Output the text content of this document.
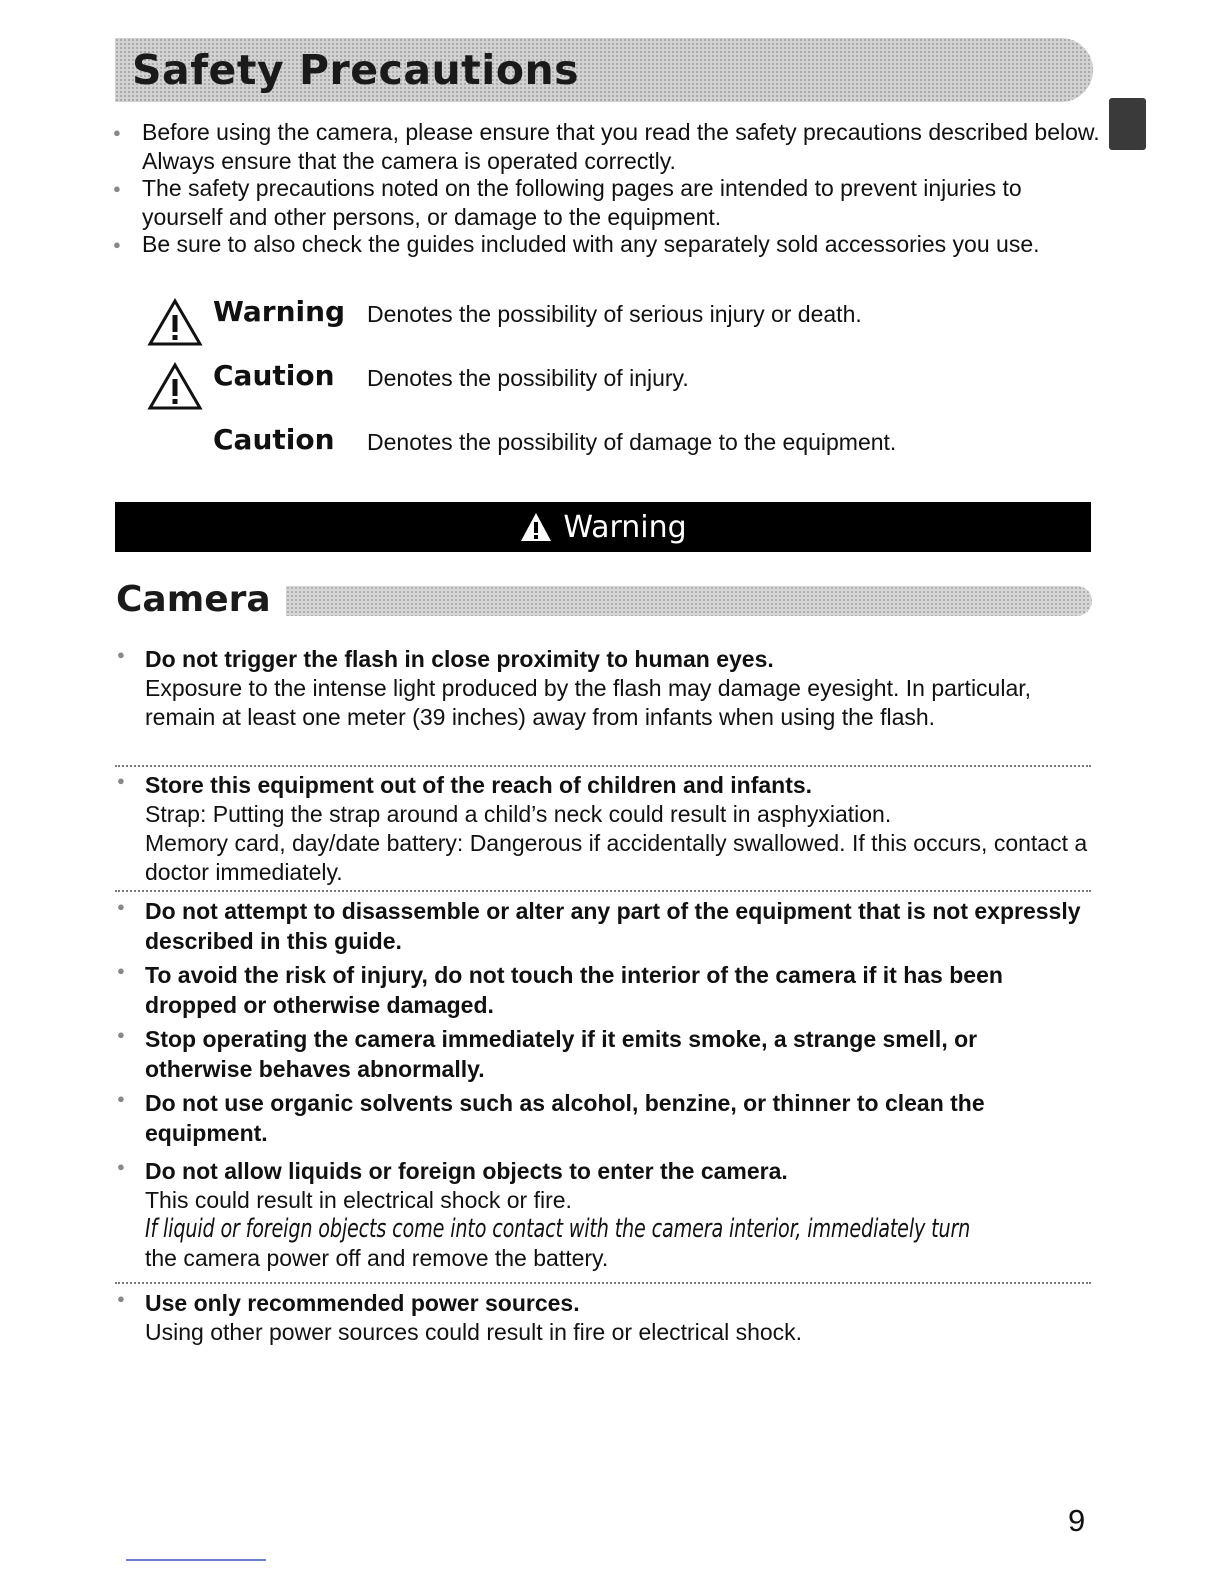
Safety Precautions
● Before using the camera, please ensure that you read the safety precautions described below. Always ensure that the camera is operated correctly.
● The safety precautions noted on the following pages are intended to prevent injuries to yourself and other persons, or damage to the equipment.
● Be sure to also check the guides included with any separately sold accessories you use.
Warning Denotes the possibility of serious injury or death.
Caution	Denotes the possibility of injury.
Caution	Denotes the possibility of damage to the equipment.
Warning
Camera
● Do not trigger the flash in close proximity to human eyes.
Exposure to the intense light produced by the flash may damage eyesight. In particular, remain at least one meter (39 inches) away from infants when using the flash.
● Store this equipment out of the reach of children and infants.
Strap: Putting the strap around a child’s neck could result in asphyxiation.
Memory card, day/date battery: Dangerous if accidentally swallowed. If this occurs, contact a doctor immediately.
● Do not attempt to disassemble or alter any part of the equipment that is not expressly described in this guide.
● To avoid the risk of injury, do not touch the interior of the camera if it has been dropped or otherwise damaged.
● Stop operating the camera immediately if it emits smoke, a strange smell, or otherwise behaves abnormally.
● Do not use organic solvents such as alcohol, benzine, or thinner to clean the equipment.
● Do not allow liquids or foreign objects to enter the camera.
This could result in electrical shock or fire.
If liquid or foreign objects come into contact with the camera interior, immediately turn
the camera power off and remove the battery.
● Use only recommended power sources.
Using other power sources could result in fire or electrical shock.
9
